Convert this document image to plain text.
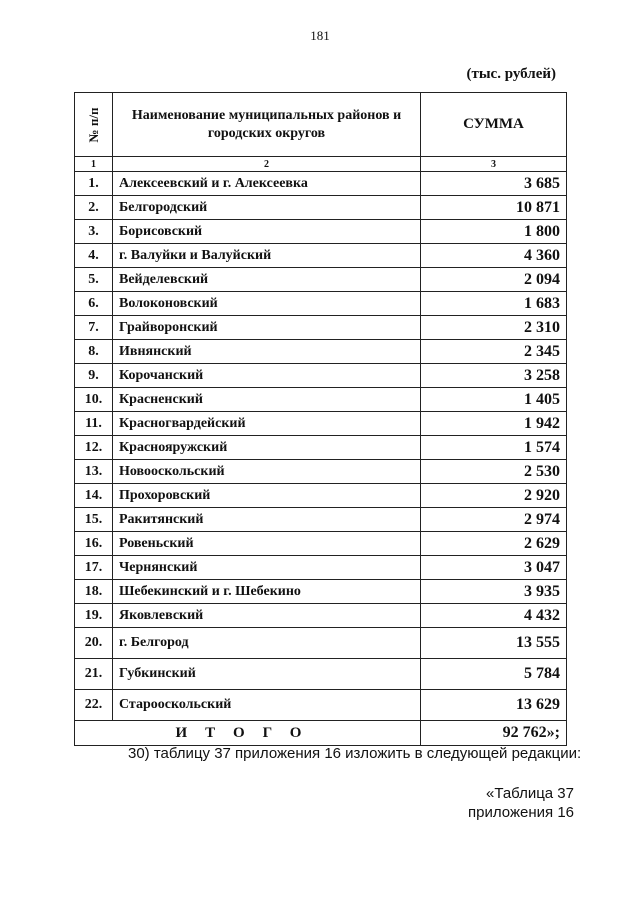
181
(тыс. рублей)
№ п/п	Наименование муниципальных районов и городских округов	СУММА
1	2	3
1.	Алексеевский и г. Алексеевка	3 685
2.	Белгородский	10 871
3.	Борисовский	1 800
4.	г. Валуйки и Валуйский	4 360
5.	Вейделевский	2 094
6.	Волоконовский	1 683
7.	Грайворонский	2 310
8.	Ивнянский	2 345
9.	Корочанский	3 258
10.	Красненский	1 405
11.	Красногвардейский	1 942
12.	Краснояружский	1 574
13.	Новооскольский	2 530
14.	Прохоровский	2 920
15.	Ракитянский	2 974
16.	Ровеньский	2 629
17.	Чернянский	3 047
18.	Шебекинский и г. Шебекино	3 935
19.	Яковлевский	4 432
20.	г. Белгород	13 555
21.	Губкинский	5 784
22.	Старооскольский	13 629
ИТОГО		92 762»;
30) таблицу 37 приложения 16 изложить в следующей редакции:
«Таблица 37
приложения 16
